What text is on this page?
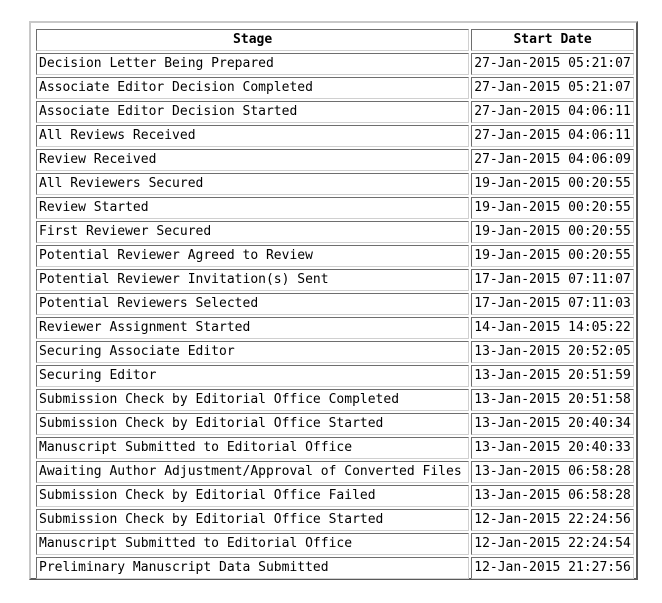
Stage	Start Date
Decision Letter Being Prepared	27-Jan-2015 05:21:07
Associate Editor Decision Completed	27-Jan-2015 05:21:07
Associate Editor Decision Started	27-Jan-2015 04:06:11
All Reviews Received	27-Jan-2015 04:06:11
Review Received	27-Jan-2015 04:06:09
All Reviewers Secured	19-Jan-2015 00:20:55
Review Started	19-Jan-2015 00:20:55
First Reviewer Secured	19-Jan-2015 00:20:55
Potential Reviewer Agreed to Review	19-Jan-2015 00:20:55
Potential Reviewer Invitation(s) Sent	17-Jan-2015 07:11:07
Potential Reviewers Selected	17-Jan-2015 07:11:03
Reviewer Assignment Started	14-Jan-2015 14:05:22
Securing Associate Editor	13-Jan-2015 20:52:05
Securing Editor	13-Jan-2015 20:51:59
Submission Check by Editorial Office Completed	13-Jan-2015 20:51:58
Submission Check by Editorial Office Started	13-Jan-2015 20:40:34
Manuscript Submitted to Editorial Office	13-Jan-2015 20:40:33
Awaiting Author Adjustment/Approval of Converted Files	13-Jan-2015 06:58:28
Submission Check by Editorial Office Failed	13-Jan-2015 06:58:28
Submission Check by Editorial Office Started	12-Jan-2015 22:24:56
Manuscript Submitted to Editorial Office	12-Jan-2015 22:24:54
Preliminary Manuscript Data Submitted	12-Jan-2015 21:27:56
